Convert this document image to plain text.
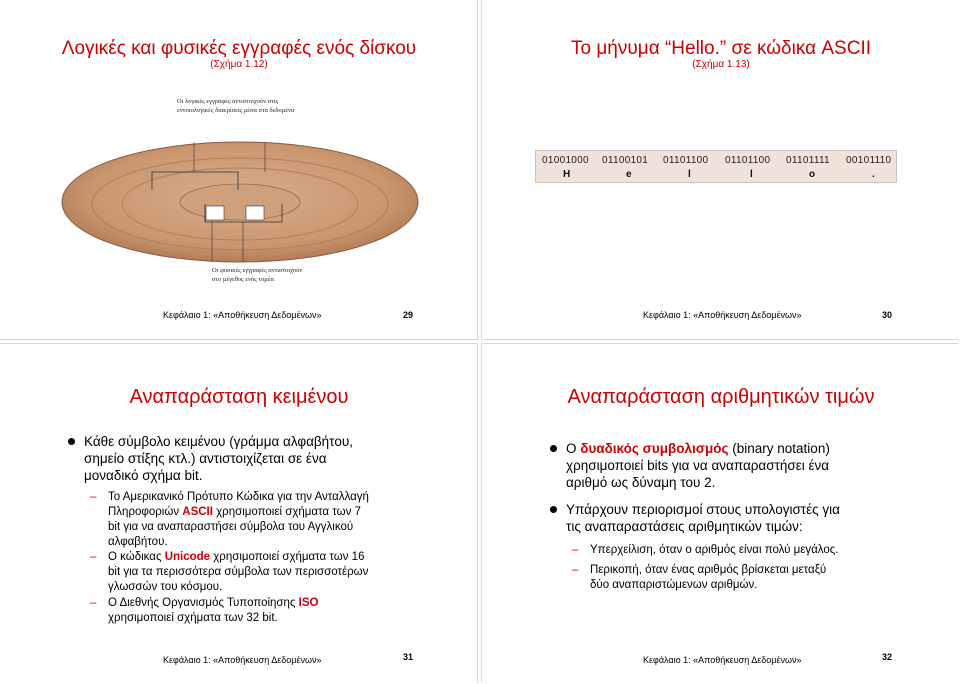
Λογικές και φυσικές εγγραφές ενός δίσκου
(Σχήμα 1.12)
Οι λογικές εγγραφές αντιστοιχούν στις
εννοιολογικές διακρίσεις μέσα στα δεδομένα
Οι φυσικές εγγραφές αντιστοιχούν
στο μέγεθος ενός τομέα
Κεφάλαιο 1: «Αποθήκευση Δεδομένων»	29
Το μήνυμα “Hello.” σε κώδικα ASCII
(Σχήμα 1.13)
Κεφάλαιο 1: «Αποθήκευση Δεδομένων»	30
01001000 01100101 01101100 01101100 01101111 00101110
H	e	l	l	o	.
Αναπαράσταση κειμένου
Κάθε σύμβολο κειμένου (γράμμα αλφαβήτου,
σημείο στίξης κτλ.) αντιστοιχίζεται σε ένα
μοναδικό σχήμα bit.
– Το Αμερικανικό Πρότυπο Κώδικα για την Ανταλλαγή
Πληροφοριών ASCII χρησιμοποιεί σχήματα των 7
bit για να αναπαραστήσει σύμβολα του Αγγλικού
αλφαβήτου.
– Ο κώδικας Unicode χρησιμοποιεί σχήματα των 16
bit για τα περισσότερα σύμβολα των περισσοτέρων
γλωσσών του κόσμου.
– Ο Διεθνής Οργανισμός Τυποποίησης ISO
χρησιμοποιεί σχήματα των 32 bit.
Κεφάλαιο 1: «Αποθήκευση Δεδομένων»	31
Αναπαράσταση αριθμητικών τιμών
Ο δυαδικός συμβολισμός (binary notation)
χρησιμοποιεί bits για να αναπαραστήσει ένα
αριθμό ως δύναμη του 2.
Υπάρχουν περιορισμοί στους υπολογιστές για
τις αναπαραστάσεις αριθμητικών τιμών:
– Υπερχείλιση, όταν ο αριθμός είναι πολύ μεγάλος.
– Περικοπή, όταν ένας αριθμός βρίσκεται μεταξύ
δύο αναπαριστώμενων αριθμών.
Κεφάλαιο 1: «Αποθήκευση Δεδομένων»	32
